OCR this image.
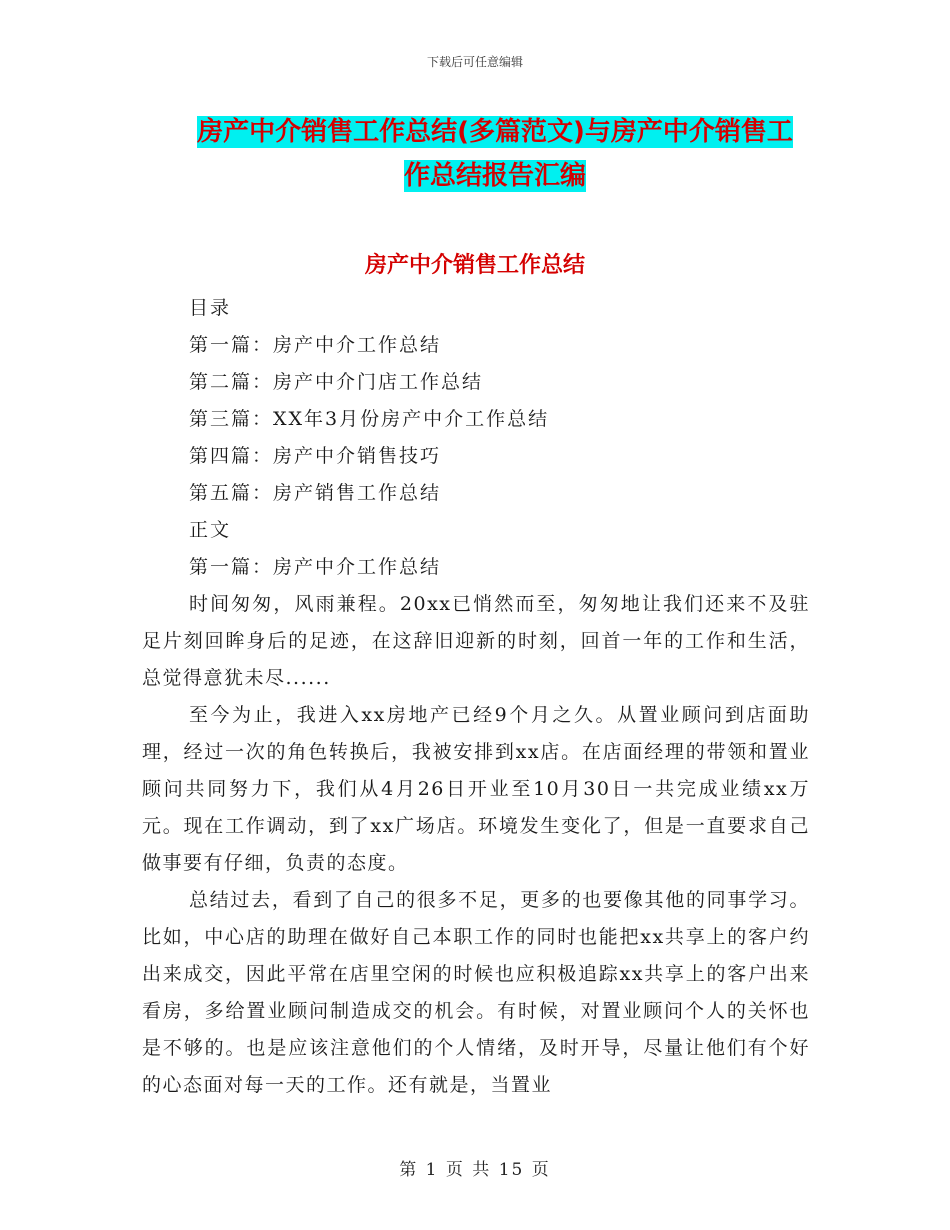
下载后可任意编辑
房产中介销售工作总结(多篇范文)与房产中介销售工
作总结报告汇编
房产中介销售工作总结

目录

第一篇：房产中介工作总结

第二篇：房产中介门店工作总结

第三篇：XX年3月份房产中介工作总结

第四篇：房产中介销售技巧

第五篇：房产销售工作总结

正文

第一篇：房产中介工作总结

时间匆匆，风雨兼程。20xx已悄然而至，匆匆地让我们还来不及驻足片刻回眸身后的足迹，在这辞旧迎新的时刻，回首一年的工作和生活，总觉得意犹未尽......

至今为止，我进入xx房地产已经9个月之久。从置业顾问到店面助理，经过一次的角色转换后，我被安排到xx店。在店面经理的带领和置业顾问共同努力下，我们从4月26日开业至10月30日一共完成业绩xx万元。现在工作调动，到了xx广场店。环境发生变化了，但是一直要求自己做事要有仔细，负责的态度。

总结过去，看到了自己的很多不足，更多的也要像其他的同事学习。比如，中心店的助理在做好自己本职工作的同时也能把xx共享上的客户约出来成交，因此平常在店里空闲的时候也应积极追踪xx共享上的客户出来看房，多给置业顾问制造成交的机会。有时候，对置业顾问个人的关怀也是不够的。也是应该注意他们的个人情绪，及时开导，尽量让他们有个好的心态面对每一天的工作。还有就是，当置业

第 1 页 共 15 页
